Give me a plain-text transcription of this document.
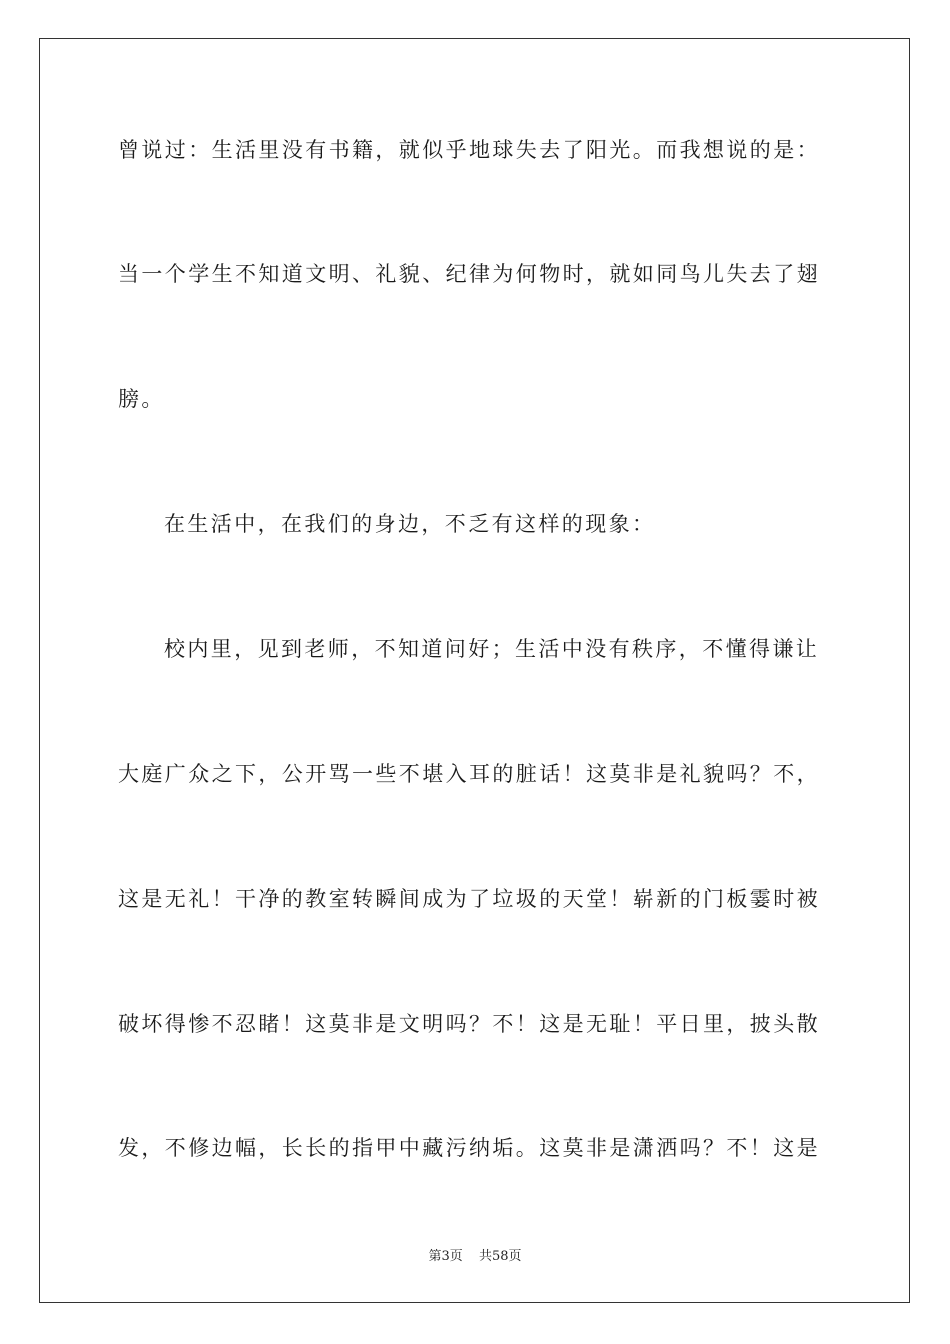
曾说过：生活里没有书籍，就似乎地球失去了阳光。而我想说的是：
当一个学生不知道文明、礼貌、纪律为何物时，就如同鸟儿失去了翅
膀。
在生活中，在我们的身边，不乏有这样的现象：
校内里，见到老师，不知道问好；生活中没有秩序，不懂得谦让
大庭广众之下，公开骂一些不堪入耳的脏话！这莫非是礼貌吗？不，
这是无礼！干净的教室转瞬间成为了垃圾的天堂！崭新的门板霎时被
破坏得惨不忍睹！这莫非是文明吗？不！这是无耻！平日里，披头散
发，不修边幅，长长的指甲中藏污纳垢。这莫非是潇洒吗？不！这是
第3页 共58页
